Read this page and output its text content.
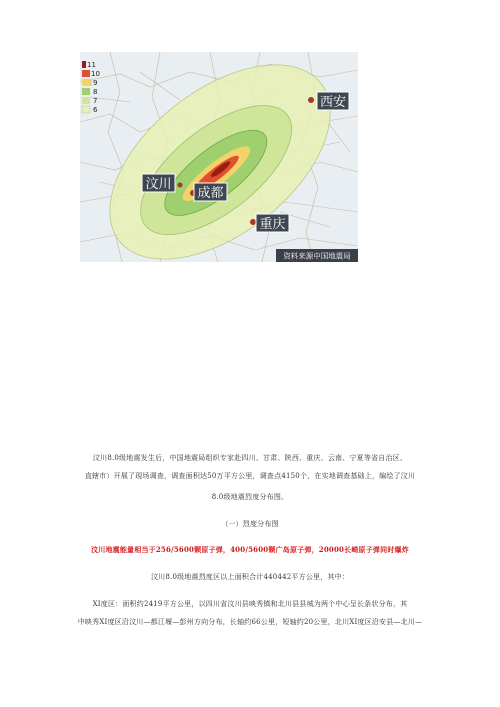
11
10
9
8
7
6	西安
汶川
成都
重庆
资料来源中国地震局
汶川8.0级地震发生后，中国地震局组织专家赴四川、甘肃、陕西、重庆、云南、宁夏等省自治区、
直辖市）开展了现场调查，调查面积达50万平方公里，调查点4150个，在实地调查基础上，编绘了汶川
8.0级地震烈度分布图。
（一）烈度分布图
汶川地震能量相当于256/5600颗原子弹，400/5600颗广岛原子弹，20000长崎原子弹同时爆炸
汶川8.0级地震烈度区以上面积合计440442平方公里，其中：
XI度区：面积约2419平方公里，以四川省汶川县映秀镇和北川县县城为两个中心呈长条状分布，其
中映秀XI度区沿汶川—都江堰—彭州方向分布，长轴约66公里，短轴约20公里，北川XI度区沿安县—北川—
